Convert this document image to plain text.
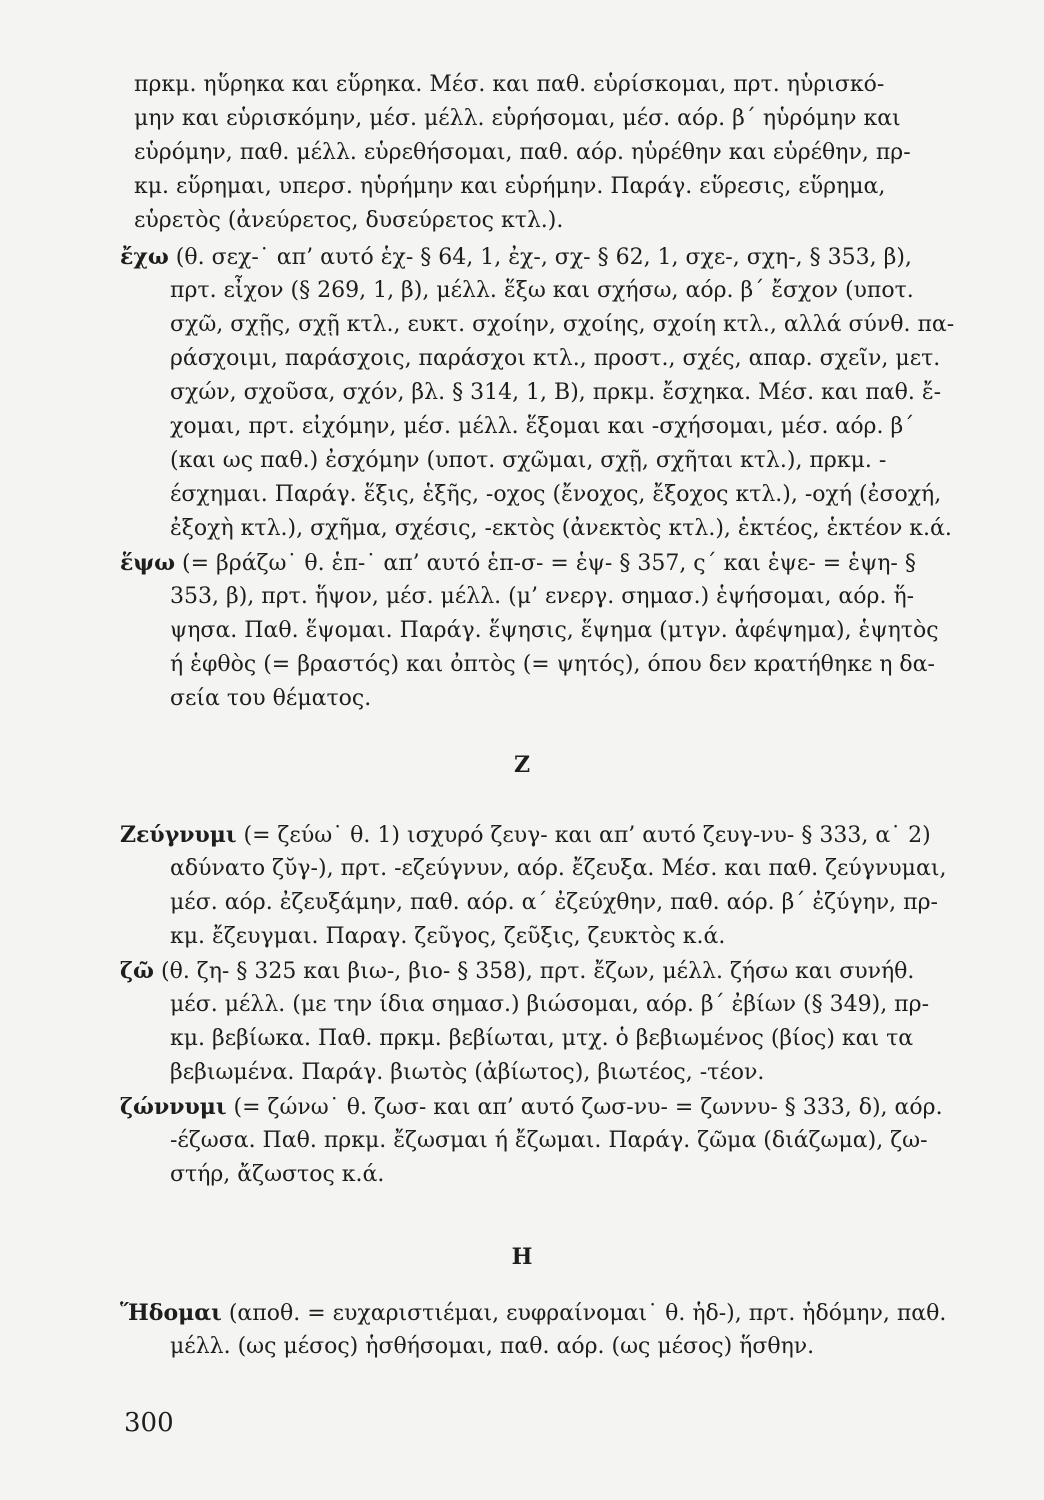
πρκμ. ηὕρηκα και εὕρηκα. Μέσ. και παθ. εὑρίσκομαι, πρτ. ηὑρισκό-
μην και εὑρισκόμην, μέσ. μέλλ. εὑρήσομαι, μέσ. αόρ. β΄ ηὑρόμην και
εὑρόμην, παθ. μέλλ. εὑρεθήσομαι, παθ. αόρ. ηὑρέθην και εὑρέθην, πρ-
κμ. εὕρημαι, υπερσ. ηὑρήμην και εὑρήμην. Παράγ. εὕρεσις, εὕρημα,
εὑρετὸς (ἀνεύρετος, δυσεύρετος κτλ.).
ἔχω (θ. σεχ-˙ απ’ αυτό ἑχ- § 64, 1, ἐχ-, σχ- § 62, 1, σχε-, σχη-, § 353, β),
πρτ. εἶχον (§ 269, 1, β), μέλλ. ἕξω και σχήσω, αόρ. β΄ ἔσχον (υποτ.
σχῶ, σχῇς, σχῇ κτλ., ευκτ. σχοίην, σχοίης, σχοίη κτλ., αλλά σύνθ. πα-
ράσχοιμι, παράσχοις, παράσχοι κτλ., προστ., σχές, απαρ. σχεῖν, μετ.
σχών, σχοῦσα, σχόν, βλ. § 314, 1, Β), πρκμ. ἔσχηκα. Μέσ. και παθ. ἔ-
χομαι, πρτ. εἰχόμην, μέσ. μέλλ. ἕξομαι και -σχήσομαι, μέσ. αόρ. β΄
(και ως παθ.) ἐσχόμην (υποτ. σχῶμαι, σχῇ, σχῆται κτλ.), πρκμ. -
έσχημαι. Παράγ. ἕξις, ἑξῆς, -οχος (ἔνοχος, ἔξοχος κτλ.), -οχή (ἐσοχή,
ἐξοχὴ κτλ.), σχῆμα, σχέσις, -εκτὸς (ἀνεκτὸς κτλ.), ἑκτέος, ἑκτέον κ.ά.
ἕψω (= βράζω˙ θ. ἑπ-˙ απ’ αυτό ἑπ-σ- = ἑψ- § 357, ς΄ και ἑψε- = ἑψη- §
353, β), πρτ. ἥψον, μέσ. μέλλ. (μ’ ενεργ. σημασ.) ἑψήσομαι, αόρ. ἥ-
ψησα. Παθ. ἕψομαι. Παράγ. ἕψησις, ἕψημα (μτγν. ἀφέψημα), ἑψητὸς
ή ἑφθὸς (= βραστός) και ὀπτὸς (= ψητός), όπου δεν κρατήθηκε η δα-
σεία του θέματος.
Z
Ζεύγνυμι (= ζεύω˙ θ. 1) ισχυρό ζευγ- και απ’ αυτό ζευγ-νυ- § 333, α˙ 2)
αδύνατο ζῠγ-), πρτ. -εζεύγνυν, αόρ. ἔζευξα. Μέσ. και παθ. ζεύγνυμαι,
μέσ. αόρ. ἐζευξάμην, παθ. αόρ. α΄ ἐζεύχθην, παθ. αόρ. β΄ ἐζύγην, πρ-
κμ. ἔζευγμαι. Παραγ. ζεῦγος, ζεῦξις, ζευκτὸς κ.ά.
ζῶ (θ. ζη- § 325 και βιω-, βιο- § 358), πρτ. ἔζων, μέλλ. ζήσω και συνήθ.
μέσ. μέλλ. (με την ίδια σημασ.) βιώσομαι, αόρ. β΄ ἐβίων (§ 349), πρ-
κμ. βεβίωκα. Παθ. πρκμ. βεβίωται, μτχ. ὁ βεβιωμένος (βίος) και τα
βεβιωμένα. Παράγ. βιωτὸς (ἀβίωτος), βιωτέος, -τέον.
ζώννυμι (= ζώνω˙ θ. ζωσ- και απ’ αυτό ζωσ-νυ- = ζωννυ- § 333, δ), αόρ.
-έζωσα. Παθ. πρκμ. ἔζωσμαι ή ἔζωμαι. Παράγ. ζῶμα (διάζωμα), ζω-
στήρ, ἄζωστος κ.ά.
Η
Ἥδομαι (αποθ. = ευχαριστιέμαι, ευφραίνομαι˙ θ. ἡδ-), πρτ. ἡδόμην, παθ.
μέλλ. (ως μέσος) ἡσθήσομαι, παθ. αόρ. (ως μέσος) ἥσθην.
300
